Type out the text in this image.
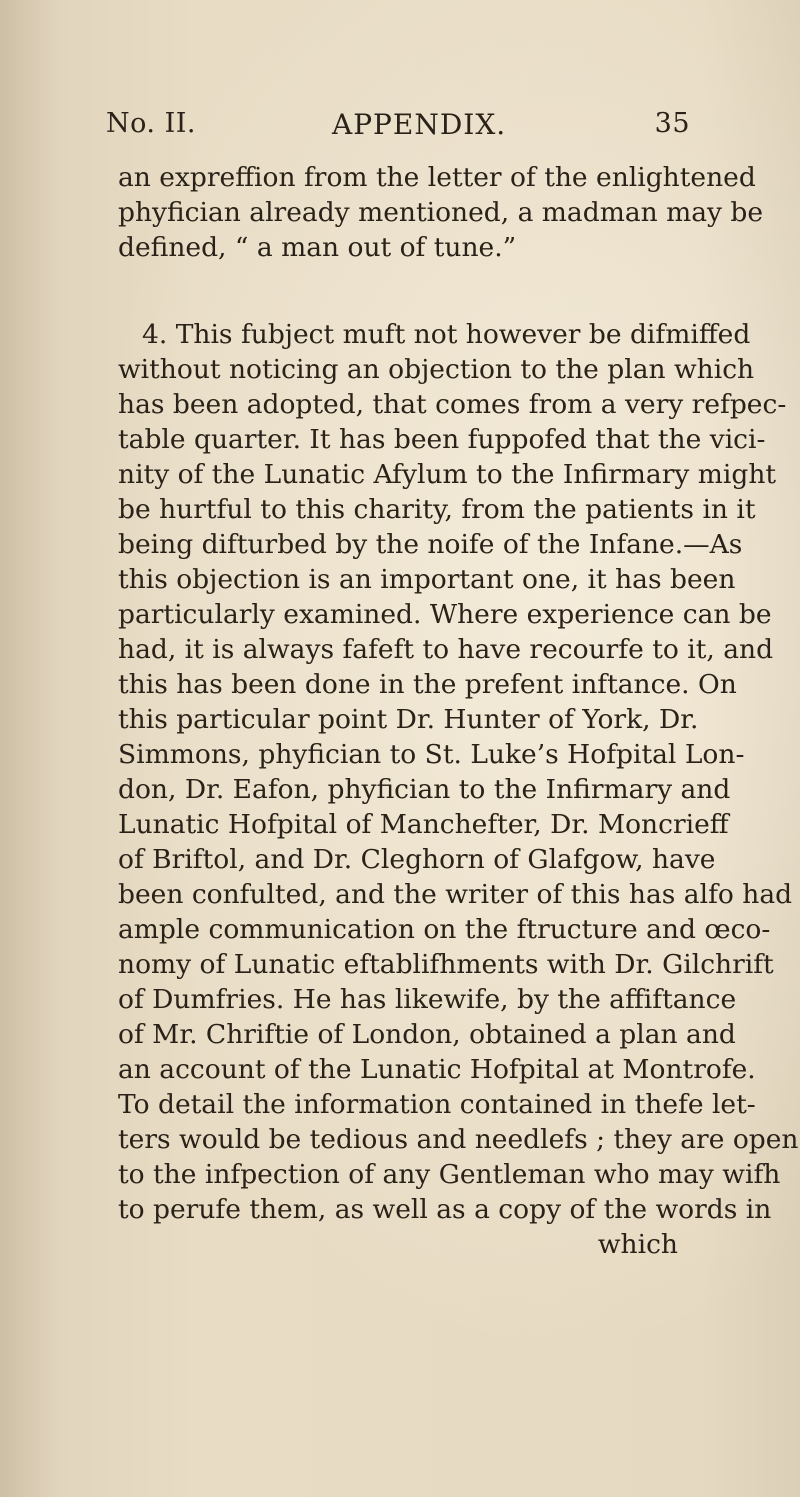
No. II.	APPENDIX.	35
an expreffion from the letter of the enlightened
phyfician already mentioned, a madman may be
defined, “ a man out of tune.”
4. This fubject muft not however be difmiffed
without noticing an objection to the plan which
has been adopted, that comes from a very refpec-
table quarter. It has been fuppofed that the vici-
nity of the Lunatic Afylum to the Infirmary might
be hurtful to this charity, from the patients in it
being difturbed by the noife of the Infane.—As
this objection is an important one, it has been
particularly examined. Where experience can be
had, it is always fafeft to have recourfe to it, and
this has been done in the prefent inftance. On
this particular point Dr. Hunter of York, Dr.
Simmons, phyfician to St. Luke’s Hofpital Lon-
don, Dr. Eafon, phyfician to the Infirmary and
Lunatic Hofpital of Manchefter, Dr. Moncrieff
of Briftol, and Dr. Cleghorn of Glafgow, have
been confulted, and the writer of this has alfo had
ample communication on the ftructure and œco-
nomy of Lunatic eftablifhments with Dr. Gilchrift
of Dumfries. He has likewife, by the affiftance
of Mr. Chriftie of London, obtained a plan and
an account of the Lunatic Hofpital at Montrofe.
To detail the information contained in thefe let-
ters would be tedious and needlefs ; they are open
to the infpection of any Gentleman who may wifh
to perufe them, as well as a copy of the words in
which
